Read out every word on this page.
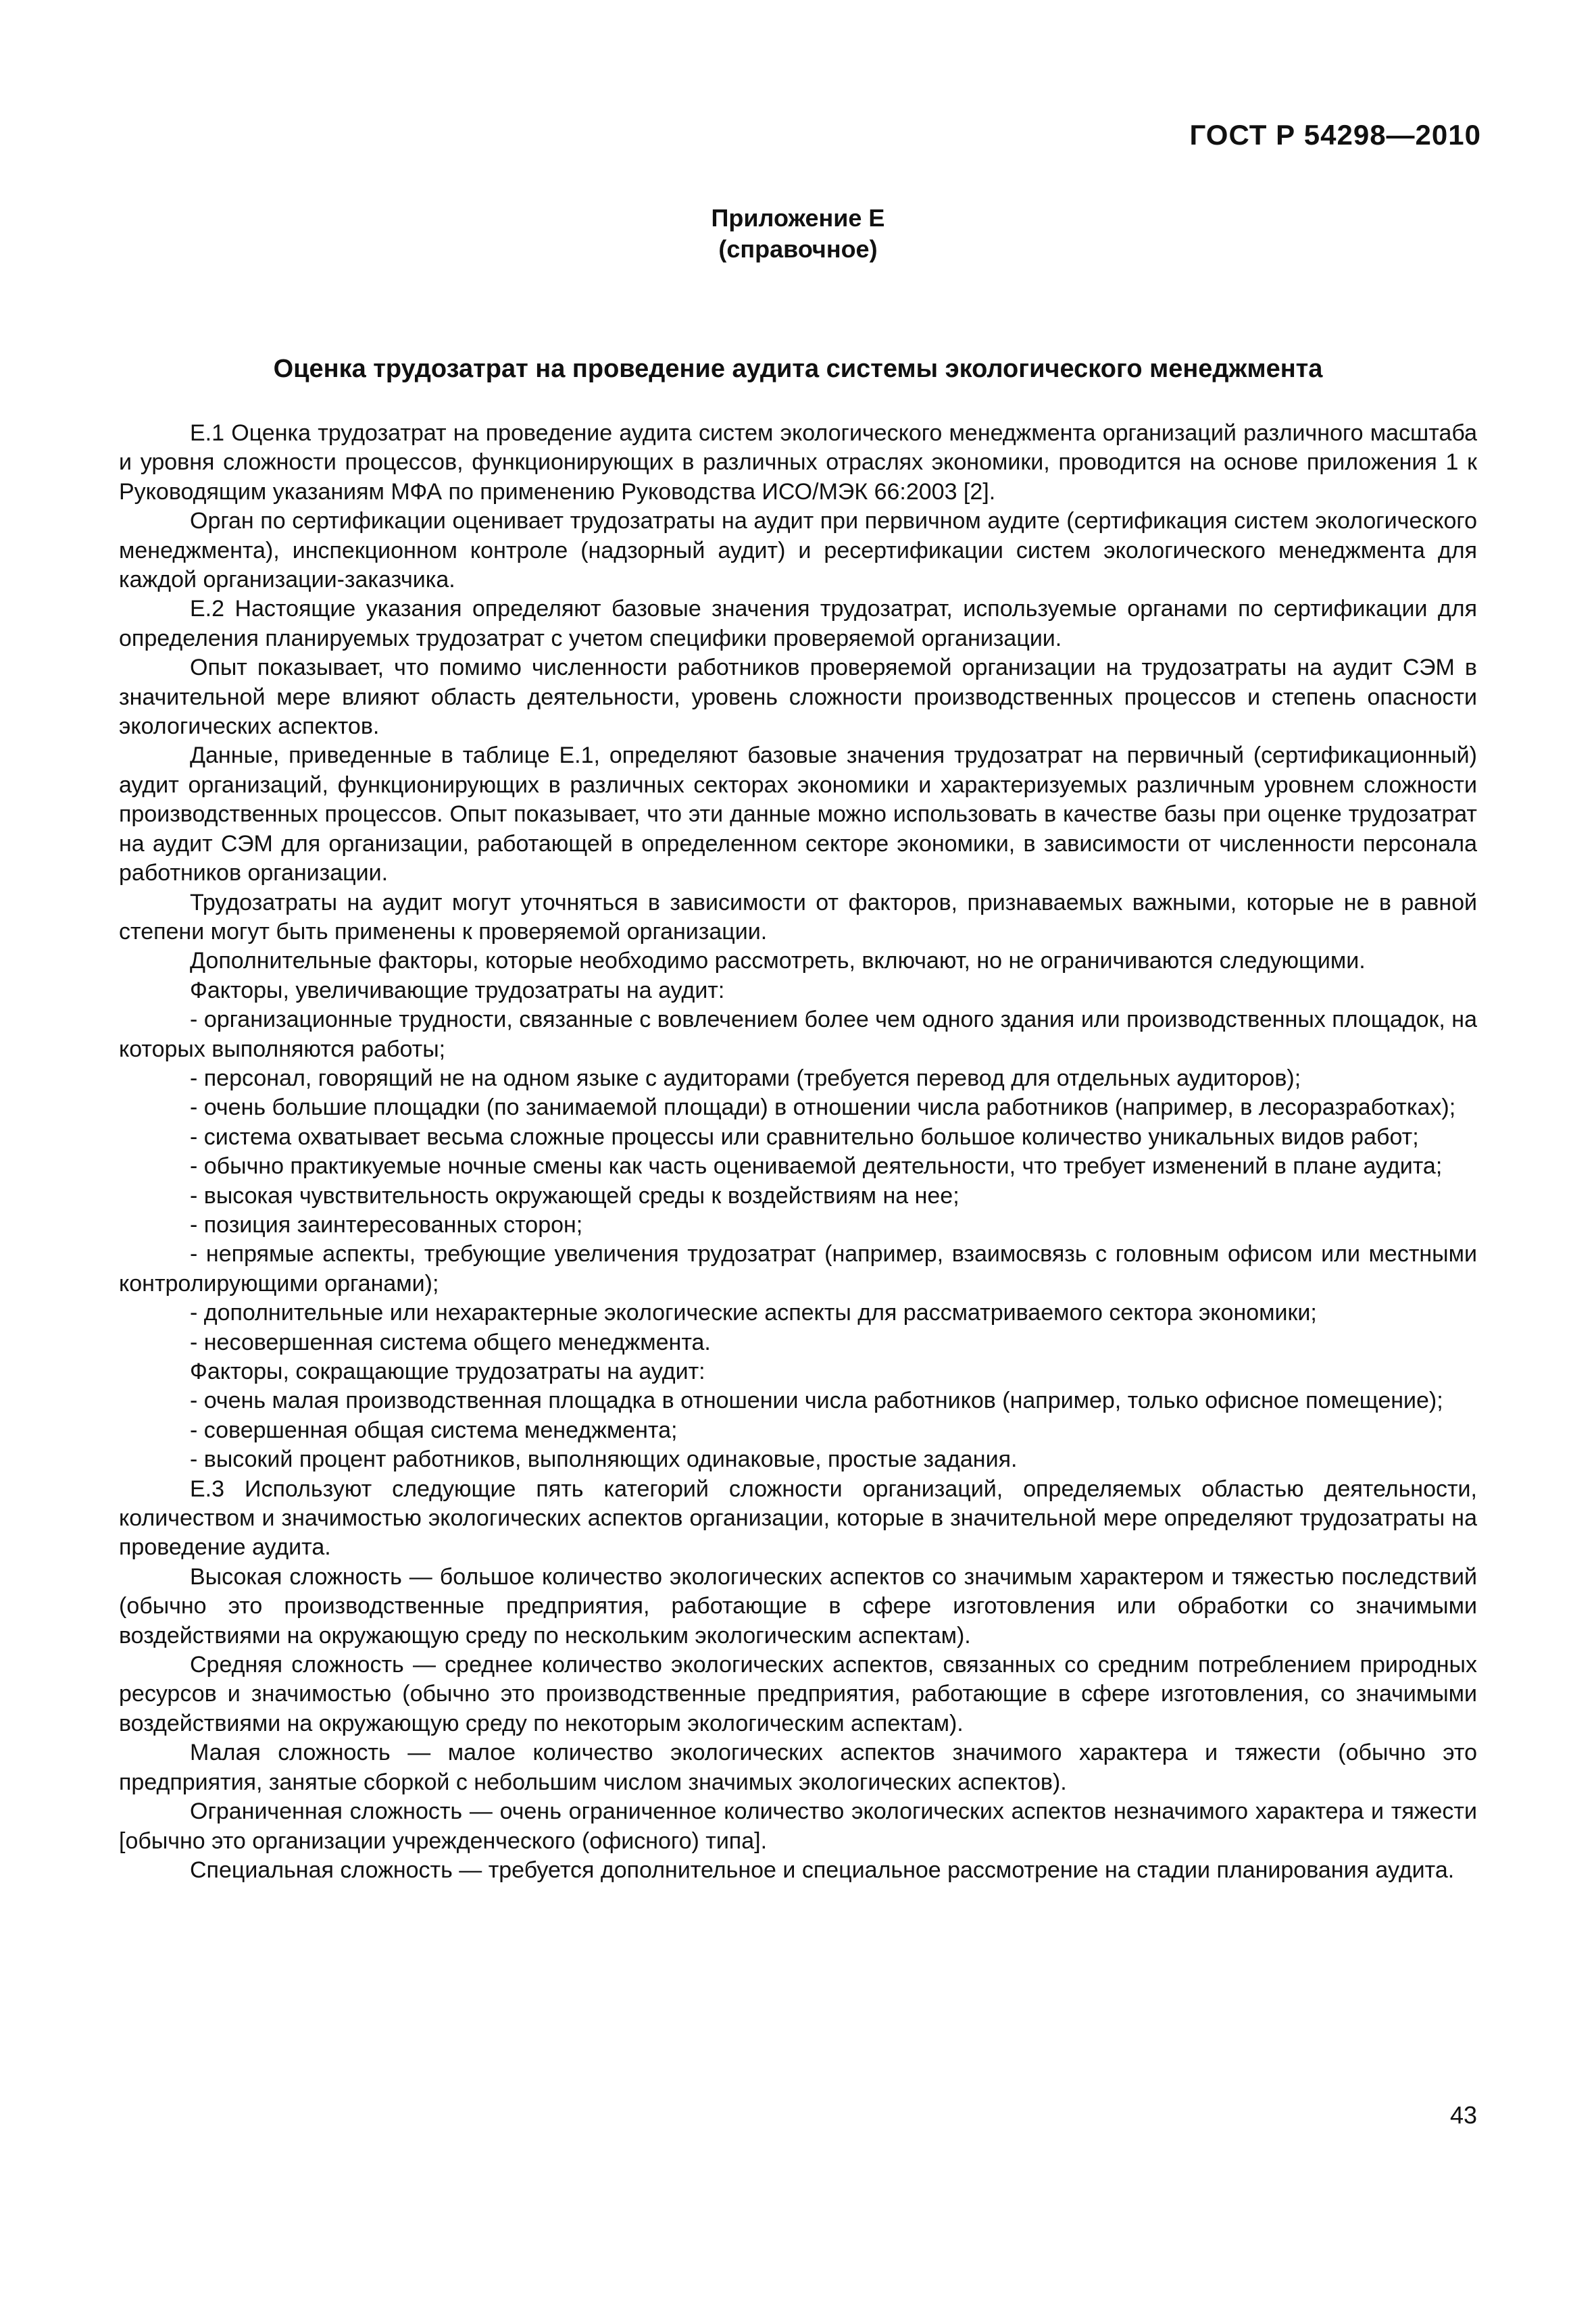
ГОСТ Р 54298—2010
Приложение Е
(справочное)
Оценка трудозатрат на проведение аудита системы экологического менеджмента

Е.1 Оценка трудозатрат на проведение аудита систем экологического менеджмента организаций различного масштаба и уровня сложности процессов, функционирующих в различных отраслях экономики, проводится на основе приложения 1 к Руководящим указаниям МФА по применению Руководства ИСО/МЭК 66:2003 [2].

Орган по сертификации оценивает трудозатраты на аудит при первичном аудите (сертификация систем экологического менеджмента), инспекционном контроле (надзорный аудит) и ресертификации систем экологического менеджмента для каждой организации-заказчика.

Е.2 Настоящие указания определяют базовые значения трудозатрат, используемые органами по сертификации для определения планируемых трудозатрат с учетом специфики проверяемой организации.

Опыт показывает, что помимо численности работников проверяемой организации на трудозатраты на аудит СЭМ в значительной мере влияют область деятельности, уровень сложности производственных процессов и степень опасности экологических аспектов.

Данные, приведенные в таблице Е.1, определяют базовые значения трудозатрат на первичный (сертификационный) аудит организаций, функционирующих в различных секторах экономики и характеризуемых различным уровнем сложности производственных процессов. Опыт показывает, что эти данные можно использовать в качестве базы при оценке трудозатрат на аудит СЭМ для организации, работающей в определенном секторе экономики, в зависимости от численности персонала работников организации.

Трудозатраты на аудит могут уточняться в зависимости от факторов, признаваемых важными, которые не в равной степени могут быть применены к проверяемой организации.

Дополнительные факторы, которые необходимо рассмотреть, включают, но не ограничиваются следующими.

Факторы, увеличивающие трудозатраты на аудит:

- организационные трудности, связанные с вовлечением более чем одного здания или производственных площадок, на которых выполняются работы;

- персонал, говорящий не на одном языке с аудиторами (требуется перевод для отдельных аудиторов);

- очень большие площадки (по занимаемой площади) в отношении числа работников (например, в лесоразработках);

- система охватывает весьма сложные процессы или сравнительно большое количество уникальных видов работ;

- обычно практикуемые ночные смены как часть оцениваемой деятельности, что требует изменений в плане аудита;

- высокая чувствительность окружающей среды к воздействиям на нее;

- позиция заинтересованных сторон;

- непрямые аспекты, требующие увеличения трудозатрат (например, взаимосвязь с головным офисом или местными контролирующими органами);

- дополнительные или нехарактерные экологические аспекты для рассматриваемого сектора экономики;

- несовершенная система общего менеджмента.

Факторы, сокращающие трудозатраты на аудит:

- очень малая производственная площадка в отношении числа работников (например, только офисное помещение);

- совершенная общая система менеджмента;

- высокий процент работников, выполняющих одинаковые, простые задания.

Е.3 Используют следующие пять категорий сложности организаций, определяемых областью деятельности, количеством и значимостью экологических аспектов организации, которые в значительной мере определяют трудозатраты на проведение аудита.

Высокая сложность — большое количество экологических аспектов со значимым характером и тяжестью последствий (обычно это производственные предприятия, работающие в сфере изготовления или обработки со значимыми воздействиями на окружающую среду по нескольким экологическим аспектам).

Средняя сложность — среднее количество экологических аспектов, связанных со средним потреблением природных ресурсов и значимостью (обычно это производственные предприятия, работающие в сфере изготовления, со значимыми воздействиями на окружающую среду по некоторым экологическим аспектам).

Малая сложность — малое количество экологических аспектов значимого характера и тяжести (обычно это предприятия, занятые сборкой с небольшим числом значимых экологических аспектов).

Ограниченная сложность — очень ограниченное количество экологических аспектов незначимого характера и тяжести [обычно это организации учрежденческого (офисного) типа].

Специальная сложность — требуется дополнительное и специальное рассмотрение на стадии планирования аудита.

43
